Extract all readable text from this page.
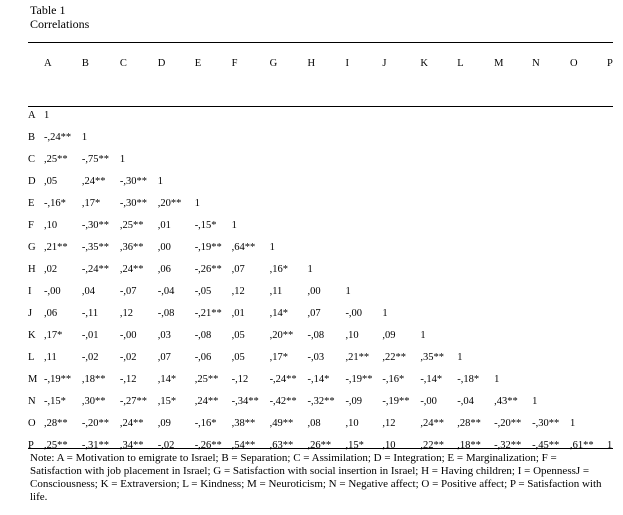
Table 1
Correlations
	A	B	C	D	E	F	G	H	I	J	K	L	M	N	O	P

A	1															
B	-,24**	1														
C	,25**	-,75**	1													
D	,05	,24**	-,30**	1												
E	-,16*	,17*	-,30**	,20**	1											
F	,10	-,30**	,25**	,01	-,15*	1										
G	,21**	-,35**	,36**	,00	-,19**	,64**	1									
H	,02	-,24**	,24**	,06	-,26**	,07	,16*	1								
I	-,00	,04	-,07	-,04	-,05	,12	,11	,00	1							
J	,06	-,11	,12	-,08	-,21**	,01	,14*	,07	-,00	1						
K	,17*	-,01	-,00	,03	-,08	,05	,20**	-,08	,10	,09	1					
L	,11	-,02	-,02	,07	-,06	,05	,17*	-,03	,21**	,22**	,35**	1				
M	-,19**	,18**	-,12	,14*	,25**	-,12	-,24**	-,14*	-,19**	-,16*	-,14*	-,18*	1			
N	-,15*	,30**	-,27**	,15*	,24**	-,34**	-,42**	-,32**	-,09	-,19**	-,00	-,04	,43**	1		
O	,28**	-,20**	,24**	,09	-,16*	,38**	,49**	,08	,10	,12	,24**	,28**	-,20**	-,30**	1	
P	,25**	-,31**	,34**	-,02	-,26**	,54**	,63**	,26**	,15*	,10	,22**	,18**	-,32**	-,45**	,61**	1
Note: A = Motivation to emigrate to Israel; B = Separation; C = Assimilation; D = Integration; E = Marginalization; F = Satisfaction with job placement in Israel; G = Satisfaction with social insertion in Israel; H = Having children; I = OpennessJ = Consciousness; K = Extraversion; L = Kindness; M = Neuroticism; N = Negative affect; O = Positive affect; P = Satisfaction with life.
